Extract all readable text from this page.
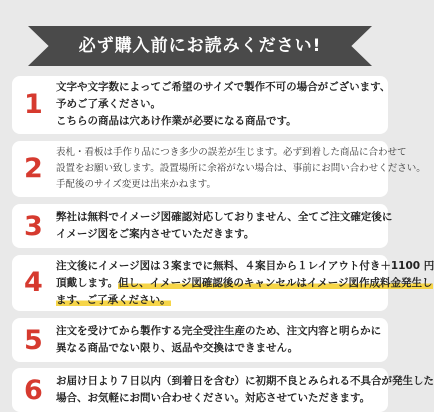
必ず購入前にお読みください!
1
文字や文字数によってご希望のサイズで製作不可の場合がございます、
予めご了承ください。
こちらの商品は穴あけ作業が必要になる商品です。
2
表札・看板は手作り品につき多少の誤差が生じます。必ず到着した商品に合わせて
設置をお願い致します。設置場所に余裕がない場合は、事前にお問い合わせください。
手配後のサイズ変更は出来かねます。
3 弊社は無料でイメージ図確認対応しておりません、全てご注文確定後に
イメージ図をご案内させていただきます。
4
注文後にイメージ図は３案までに無料、４案目から１レイアウト付き＋1100 円
頂戴します。但し、イメージ図確認後のキャンセルはイメージ図作成料金発生し
ます、ご了承ください。
5 注文を受けてから製作する完全受注生産のため、注文内容と明らかに
異なる商品でない限り、返品や交換はできません。
6 お届け日より７日以内（到着日を含む）に初期不良とみられる不具合が発生した
場合、お気軽にお問い合わせください。対応させていただきます。
